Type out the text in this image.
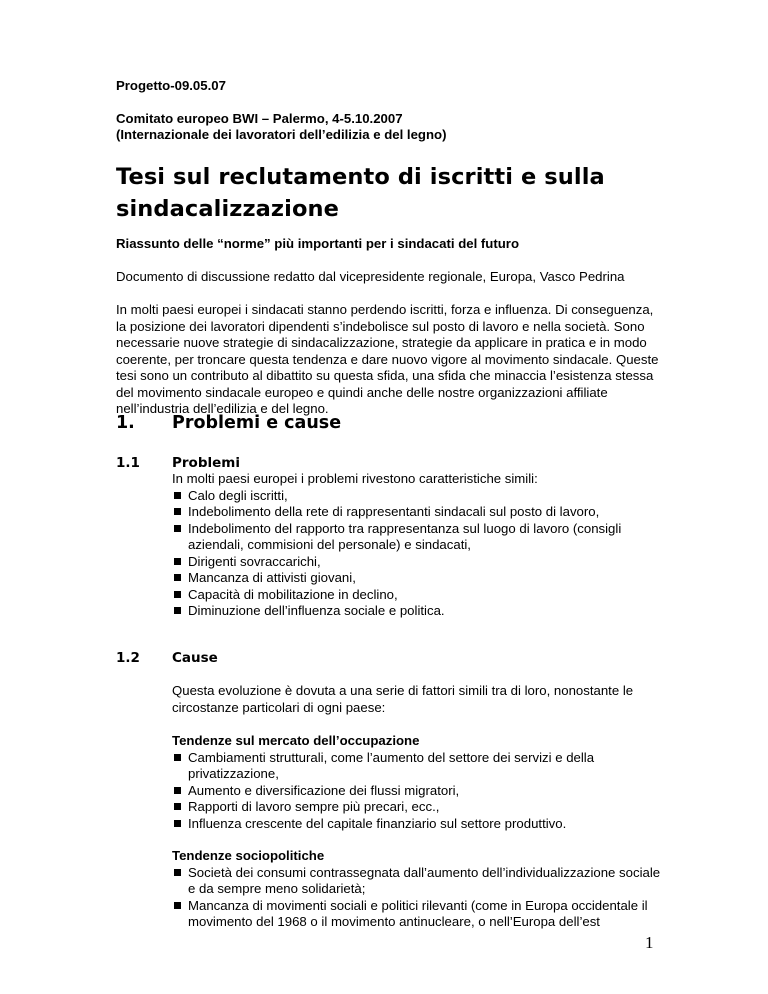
Progetto-09.05.07
Comitato europeo BWI – Palermo, 4-5.10.2007
(Internazionale dei lavoratori dell’edilizia e del legno)
Tesi sul reclutamento di iscritti e sulla
sindacalizzazione
Riassunto delle “norme” più importanti per i sindacati del futuro
Documento di discussione redatto dal vicepresidente regionale, Europa, Vasco Pedrina
In molti paesi europei i sindacati stanno perdendo iscritti, forza e influenza. Di conseguenza, la posizione dei lavoratori dipendenti s’indebolisce sul posto di lavoro e nella società. Sono necessarie nuove strategie di sindacalizzazione, strategie da applicare in pratica e in modo coerente, per troncare questa tendenza e dare nuovo vigore al movimento sindacale. Queste tesi sono un contributo al dibattito su questa sfida, una sfida che minaccia l’esistenza stessa del movimento sindacale europeo e quindi anche delle nostre organizzazioni affiliate nell’industria dell’edilizia e del legno.
1. Problemi e cause
1.1 Problemi
In molti paesi europei i problemi rivestono caratteristiche simili:
Calo degli iscritti,
Indebolimento della rete di rappresentanti sindacali sul posto di lavoro,
Indebolimento del rapporto tra rappresentanza sul luogo di lavoro (consigli aziendali, commisioni del personale) e sindacati,
Dirigenti sovraccarichi,
Mancanza di attivisti giovani,
Capacità di mobilitazione in declino,
Diminuzione dell’influenza sociale e politica.
1.2 Cause
Questa evoluzione è dovuta a una serie di fattori simili tra di loro, nonostante le circostanze particolari di ogni paese:
Tendenze sul mercato dell’occupazione
Cambiamenti strutturali, come l’aumento del settore dei servizi e della privatizzazione,
Aumento e diversificazione dei flussi migratori,
Rapporti di lavoro sempre più precari, ecc.,
Influenza crescente del capitale finanziario sul settore produttivo.
Tendenze sociopolitiche
Società dei consumi contrassegnata dall’aumento dell’individualizzazione sociale e da sempre meno solidarietà;
Mancanza di movimenti sociali e politici rilevanti (come in Europa occidentale il movimento del 1968 o il movimento antinucleare, o nell’Europa dell’est
1
